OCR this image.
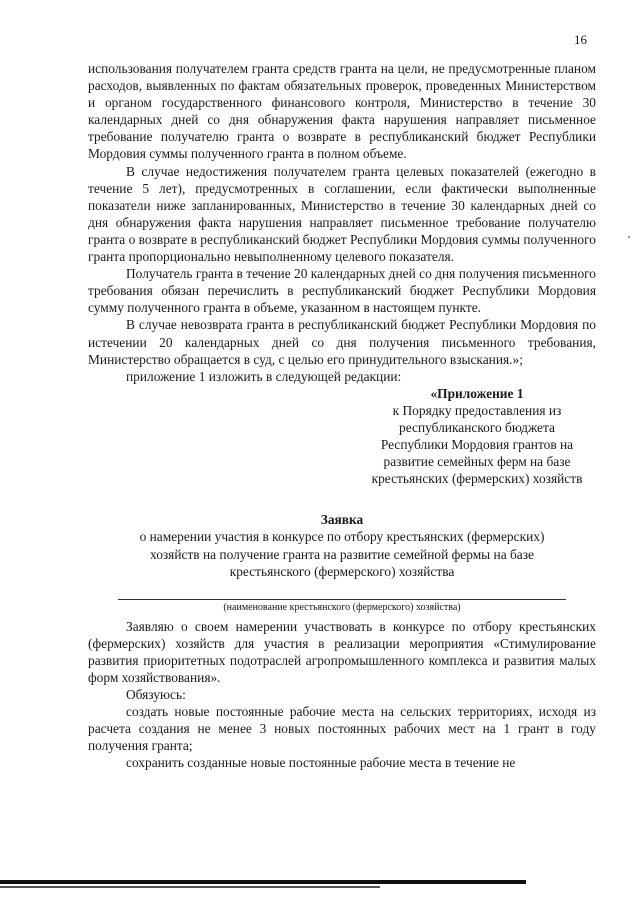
16

использования получателем гранта средств гранта на цели, не предусмотренные планом расходов, выявленных по фактам обязательных проверок, проведенных Министерством и органом государственного финансового контроля, Министерство в течение 30 календарных дней со дня обнаружения факта нарушения направляет письменное требование получателю гранта о возврате в республиканский бюджет Республики Мордовия суммы полученного гранта в полном объеме.

В случае недостижения получателем гранта целевых показателей (ежегодно в течение 5 лет), предусмотренных в соглашении, если фактически выполненные показатели ниже запланированных, Министерство в течение 30 календарных дней со дня обнаружения факта нарушения направляет письменное требование получателю гранта о возврате в республиканский бюджет Республики Мордовия суммы полученного гранта пропорционально невыполненному целевого показателя.

Получатель гранта в течение 20 календарных дней со дня получения письменного требования обязан перечислить в республиканский бюджет Республики Мордовия сумму полученного гранта в объеме, указанном в настоящем пункте.

В случае невозврата гранта в республиканский бюджет Республики Мордовия по истечении 20 календарных дней со дня получения письменного требования, Министерство обращается в суд, с целью его принудительного взыскания.»;

приложение 1 изложить в следующей редакции:

«Приложение 1
к Порядку предоставления из
республиканского бюджета
Республики Мордовия грантов на
развитие семейных ферм на базе
крестьянских (фермерских) хозяйств
Заявка
о намерении участия в конкурсе по отбору крестьянских (фермерских)
хозяйств на получение гранта на развитие семейной фермы на базе
крестьянского (фермерского) хозяйства
(наименование крестьянского (фермерского) хозяйства)

Заявляю о своем намерении участвовать в конкурсе по отбору крестьянских (фермерских) хозяйств для участия в реализации мероприятия «Стимулирование развития приоритетных подотраслей агропромышленного комплекса и развития малых форм хозяйствования».

Обязуюсь:

создать новые постоянные рабочие места на сельских территориях, исходя из расчета создания не менее 3 новых постоянных рабочих мест на 1 грант в году получения гранта;

сохранить созданные новые постоянные рабочие места в течение не
